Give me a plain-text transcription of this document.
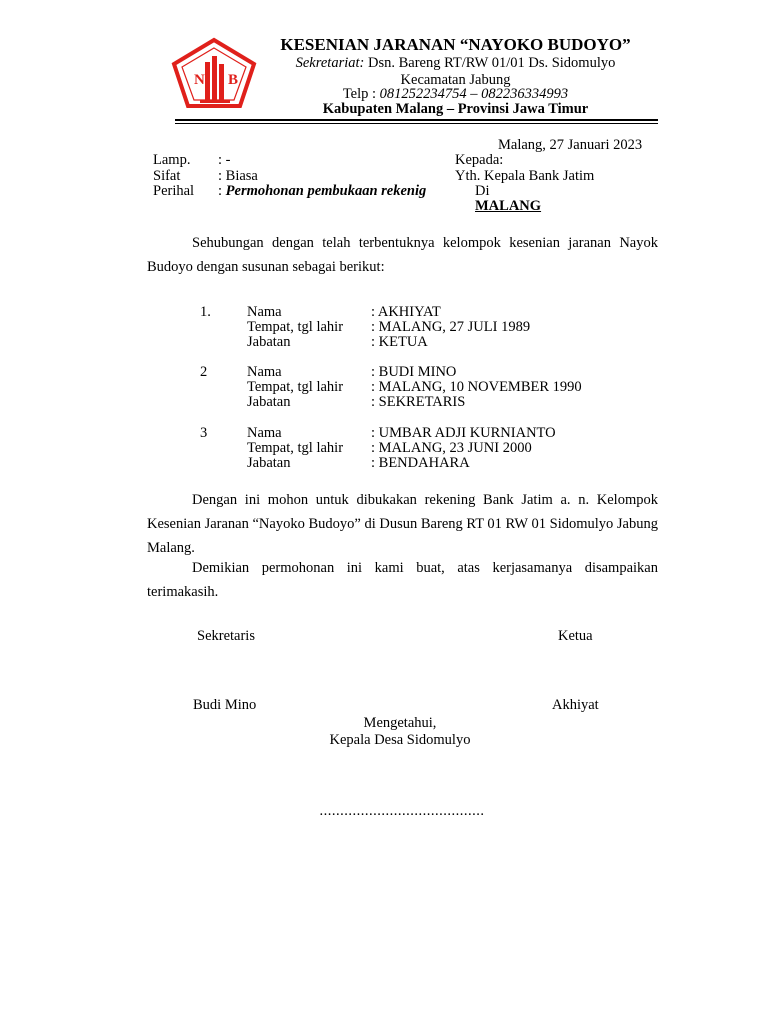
N B
KESENIAN JARANAN “NAYOKO BUDOYO”
Sekretariat: Dsn. Bareng RT/RW 01/01 Ds. Sidomulyo
Kecamatan Jabung
Telp : 081252234754 – 082236334993
Kabupaten Malang – Provinsi Jawa Timur
Malang, 27 Januari 2023
Lamp. : -
Sifat	: Biasa
Perihal : Permohonan pembukaan rekenig
Kepada:
Yth. Kepala Bank Jatim
Di
MALANG
Sehubungan dengan telah terbentuknya kelompok kesenian jaranan Nayok Budoyo dengan susunan sebagai berikut:
1. Nama	: AKHIYAT
Tempat, tgl lahir : MALANG, 27 JULI 1989
Jabatan	: KETUA
2	Nama	: BUDI MINO
Tempat, tgl lahir : MALANG, 10 NOVEMBER 1990
Jabatan	: SEKRETARIS
3	Nama	: UMBAR ADJI KURNIANTO
Tempat, tgl lahir : MALANG, 23 JUNI 2000
Jabatan	: BENDAHARA
Dengan ini mohon untuk dibukakan rekening Bank Jatim a. n. Kelompok Kesenian Jaranan “Nayoko Budoyo” di Dusun Bareng RT 01 RW 01 Sidomulyo Jabung Malang.
Demikian permohonan ini kami buat, atas kerjasamanya disampaikan terimakasih.
Sekretaris	Ketua
Budi Mino	Akhiyat
Mengetahui,
Kepala Desa Sidomulyo
........................................
